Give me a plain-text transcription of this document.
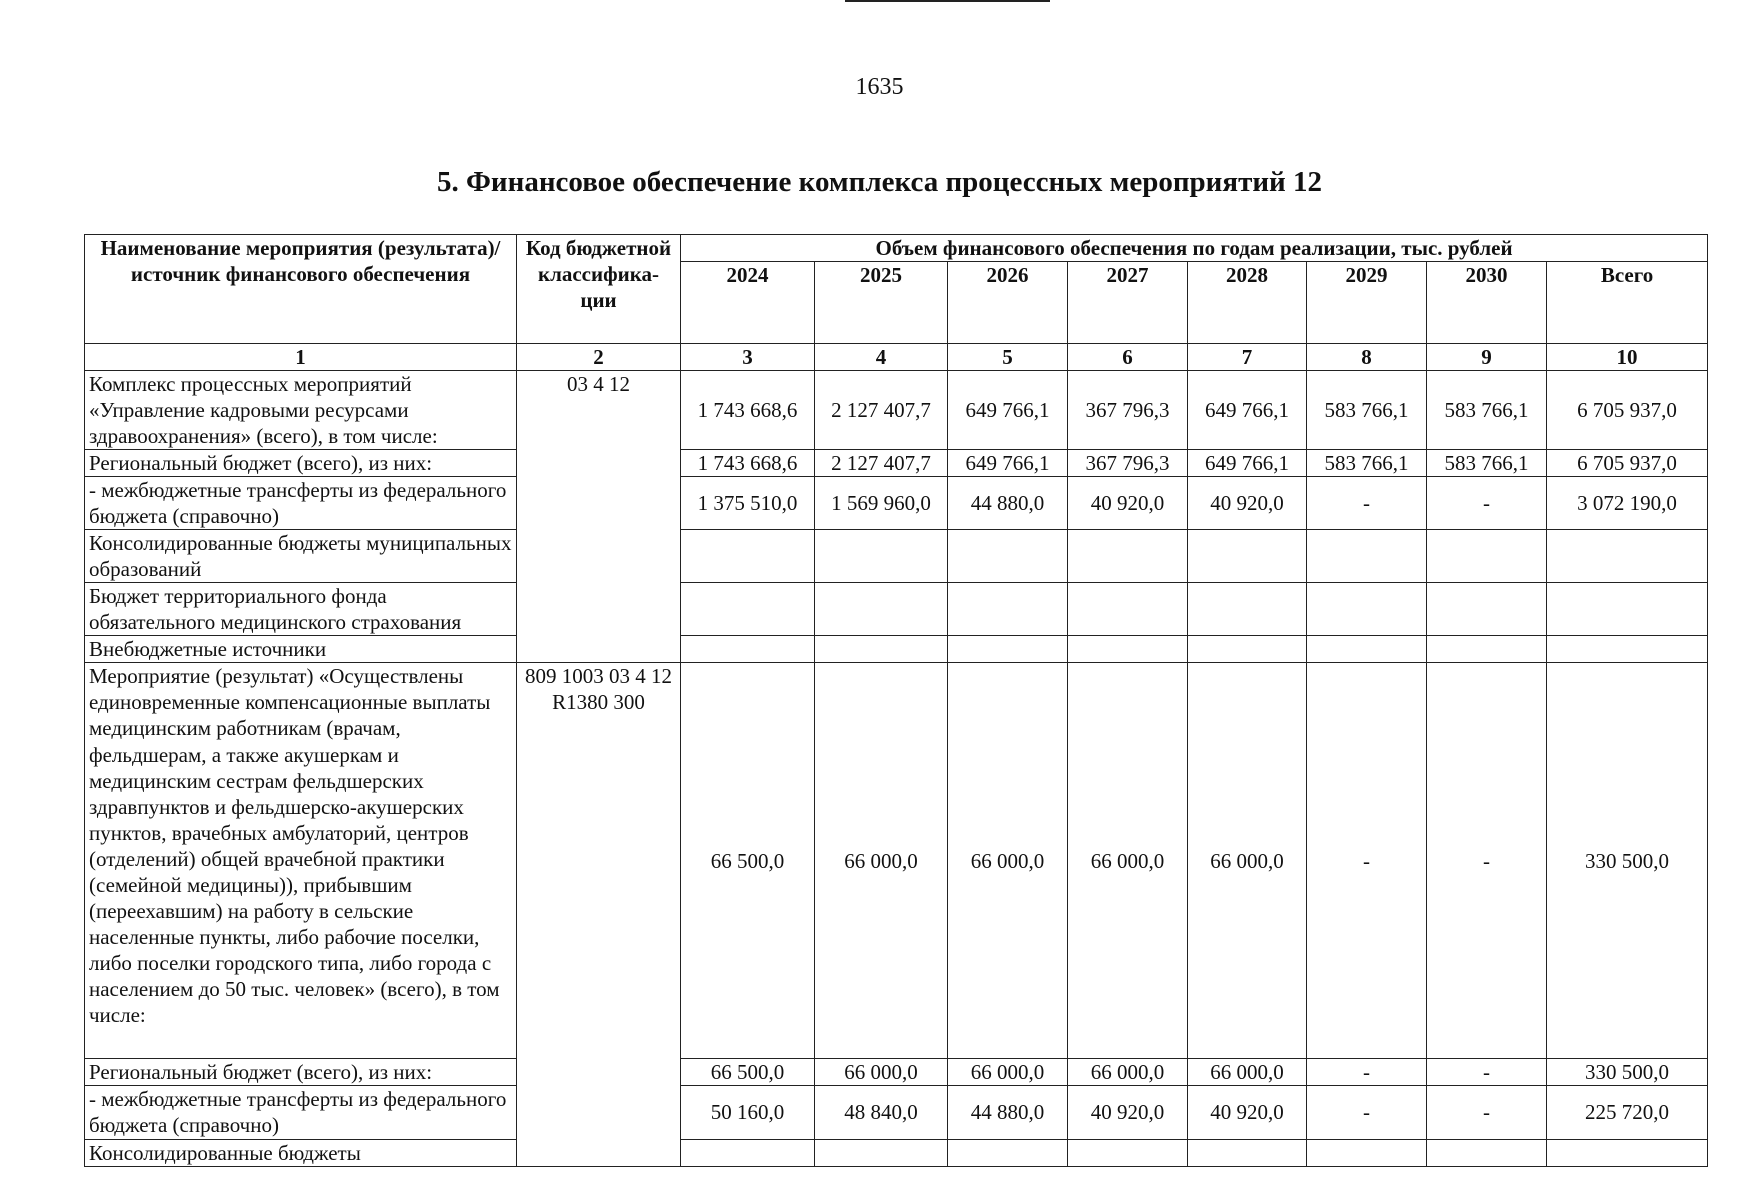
1635
5. Финансовое обеспечение комплекса процессных мероприятий 12
Наименование мероприятия (результата)/ источник финансового обеспечения	Код бюджетной классифика-ции	Объем финансового обеспечения по годам реализации, тыс. рублей							
		2024	2025	2026	2027	2028	2029	2030	Всего
1	2	3	4	5	6	7	8	9	10
Комплекс процессных мероприятий «Управление кадровыми ресурсами здравоохранения» (всего), в том числе:	03 4 12	1 743 668,6	2 127 407,7	649 766,1	367 796,3	649 766,1	583 766,1	583 766,1	6 705 937,0
Региональный бюджет (всего), из них:		1 743 668,6	2 127 407,7	649 766,1	367 796,3	649 766,1	583 766,1	583 766,1	6 705 937,0
- межбюджетные трансферты из федерального бюджета (справочно)		1 375 510,0	1 569 960,0	44 880,0	40 920,0	40 920,0	-	-	3 072 190,0
Консолидированные бюджеты муниципальных образований									
Бюджет территориального фонда обязательного медицинского страхования									
Внебюджетные источники									
Мероприятие (результат) «Осуществлены единовременные компенсационные выплаты медицинским работникам (врачам, фельдшерам, а также акушеркам и медицинским сестрам фельдшерских здравпунктов и фельдшерско-акушерских пунктов, врачебных амбулаторий, центров (отделений) общей врачебной практики (семейной медицины)), прибывшим (переехавшим) на работу в сельские населенные пункты, либо рабочие поселки, либо поселки городского типа, либо города с населением до 50 тыс. человек» (всего), в том числе:	809 1003 03 4 12 R1380 300	66 500,0	66 000,0	66 000,0	66 000,0	66 000,0	-	-	330 500,0
Региональный бюджет (всего), из них:		66 500,0	66 000,0	66 000,0	66 000,0	66 000,0	-	-	330 500,0
- межбюджетные трансферты из федерального бюджета (справочно)		50 160,0	48 840,0	44 880,0	40 920,0	40 920,0	-	-	225 720,0
Консолидированные бюджеты									
